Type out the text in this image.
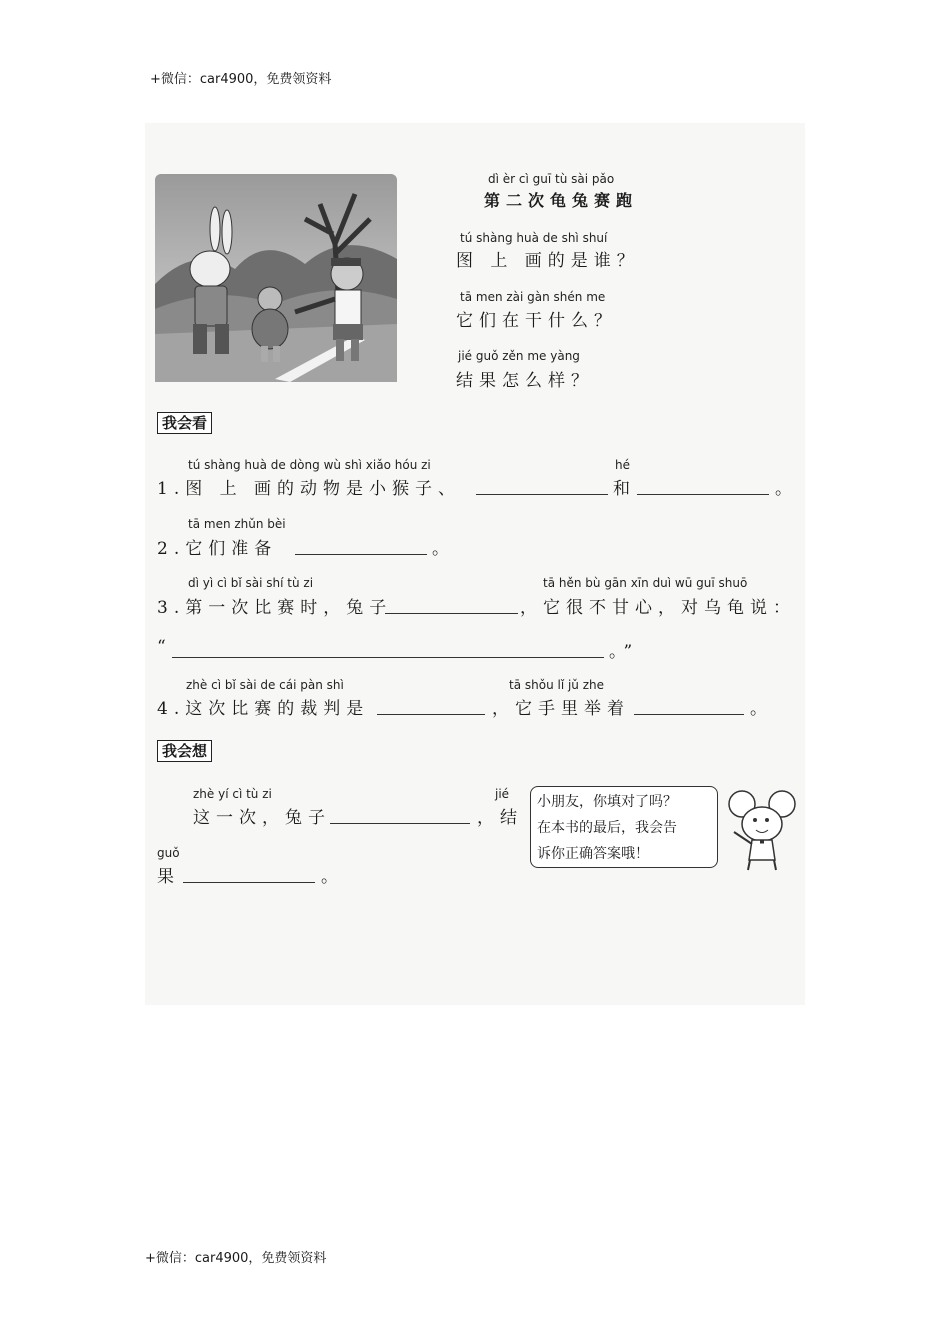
+微信：car4900，免费领资料
dì èr cì guī tù sài pǎo
第二次龟兔赛跑
tú shàng huà de shì shuí
图 上 画的是谁？
tā men zài gàn shén me
它们在干什么？
jié guǒ zěn me yàng
结果怎么样？
我会看
tú shàng huà de dòng wù shì xiǎo hóu zi	hé
1.图 上 画的动物是小猴子、	和	。
tā men zhǔn bèi
2.它们准备	。
dì yì cì bǐ sài shí tù zi	tā hěn bù gān xīn duì wū guī shuō
3.第一次比赛时，兔子	，它很不甘心，对乌龟说：
“	。”
zhè cì bǐ sài de cái pàn shì	tā shǒu lǐ jǔ zhe
4.这次比赛的裁判是	，它手里举着	。
我会想
zhè yí cì tù zi	jié
这一次，兔子	，结
guǒ
果	。
小朋友，你填对了吗？
在本书的最后，我会告
诉你正确答案哦！
+微信：car4900，免费领资料
